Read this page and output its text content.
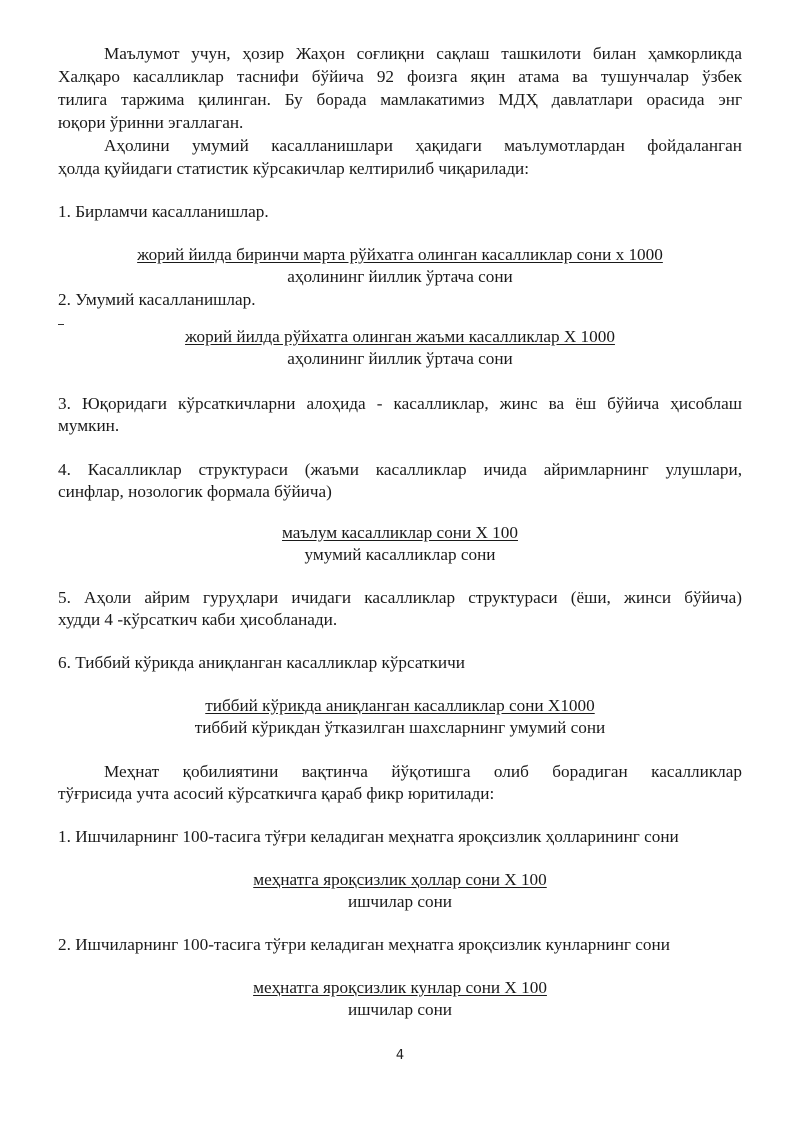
Маълумот учун, ҳозир Жаҳон соғлиқни сақлаш ташкилоти билан ҳамкорликда
Халқаро касалликлар таснифи бўйича 92 фоизга яқин атама ва тушунчалар ўзбек
тилига таржима қилинган. Бу борада мамлакатимиз МДҲ давлатлари орасида энг
юқори ўринни эгаллаган.
Аҳолини умумий касалланишлари ҳақидаги маълумотлардан фойдаланган
ҳолда қуйидаги статистик кўрсакичлар келтирилиб чиқарилади:
1. Бирламчи касалланишлар.
жорий йилда биринчи марта рўйхатга олинган касалликлар сони х 1000
аҳолининг йиллик ўртача сони
2. Умумий касалланишлар.
жорий йилда рўйхатга олинган жаъми касалликлар Х 1000
аҳолининг йиллик ўртача сони
3. Юқоридаги кўрсаткичларни алоҳида - касалликлар, жинс ва ёш бўйича ҳисоблаш
мумкин.
4. Касалликлар структураси (жаъми касалликлар ичида айримларнинг улушлари,
синфлар, нозологик формала бўйича)
маълум касалликлар сони Х 100
умумий касалликлар сони
5. Аҳоли айрим гуруҳлари ичидаги касалликлар структураси (ёши, жинси бўйича)
худди 4 -кўрсаткич каби ҳисобланади.
6. Тиббий кўрикда аниқланган касалликлар кўрсаткичи
тиббий кўрикда аниқланган касалликлар сони Х1000
тиббий кўрикдан ўтказилган шахсларнинг умумий сони
Меҳнат қобилиятини вақтинча йўқотишга олиб борадиган касалликлар
тўғрисида учта асосий кўрсаткичга қараб фикр юритилади:
1. Ишчиларнинг 100-тасига тўғри келадиган меҳнатга яроқсизлик ҳолларининг сони
меҳнатга яроқсизлик ҳоллар сони Х 100
ишчилар сони
2. Ишчиларнинг 100-тасига тўғри келадиган меҳнатга яроқсизлик кунларнинг сони
меҳнатга яроқсизлик кунлар сони Х 100
ишчилар сони
4
